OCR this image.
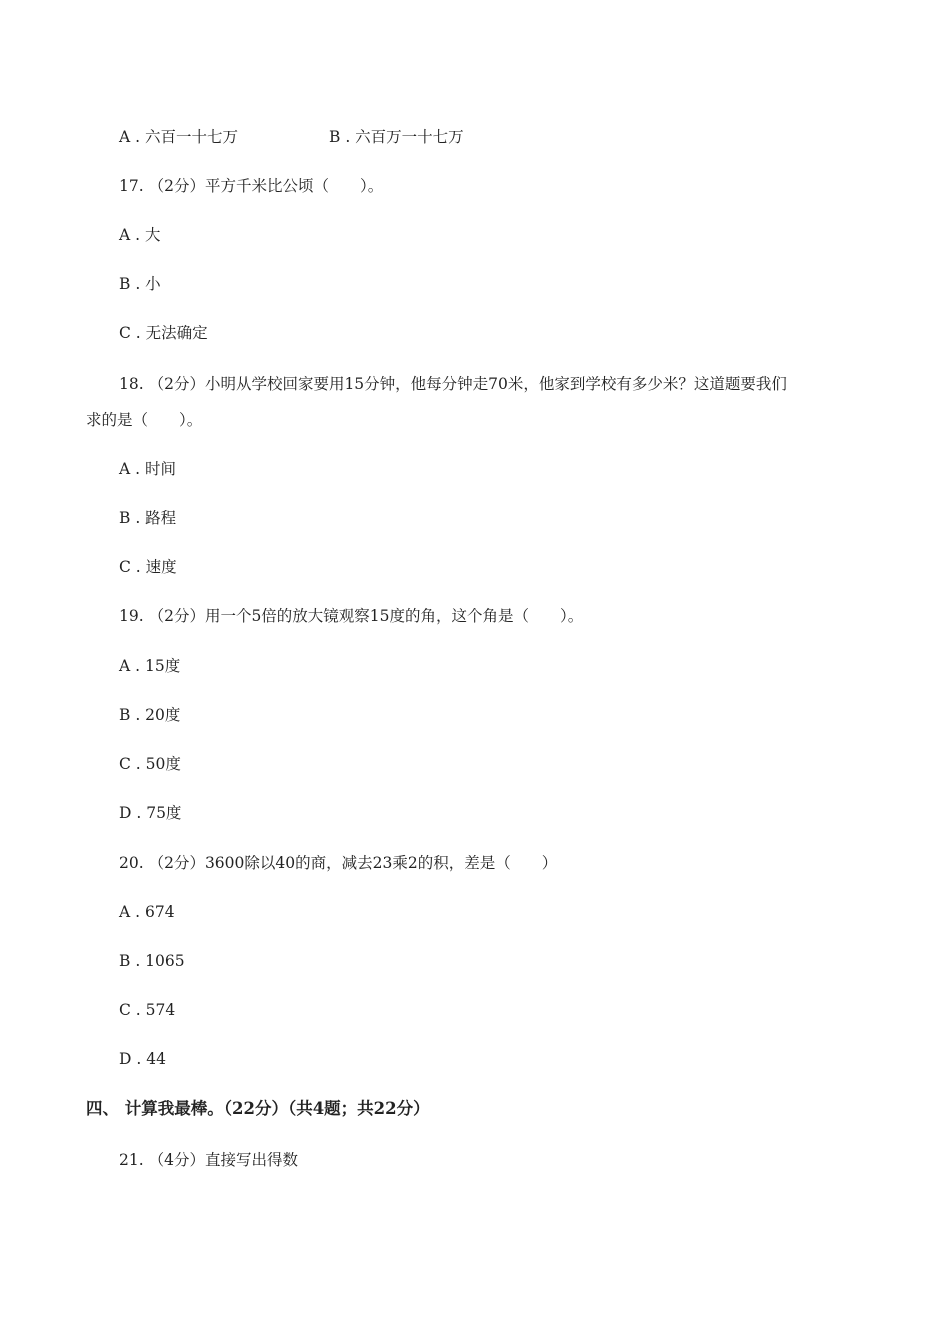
A . 六百一十七万	B . 六百万一十七万
17. （2分）平方千米比公顷（　　）。
A . 大
B . 小
C . 无法确定
18. （2分）小明从学校回家要用15分钟，他每分钟走70米，他家到学校有多少米？这道题要我们
求的是（　　）。
A . 时间
B . 路程
C . 速度
19. （2分）用一个5倍的放大镜观察15度的角，这个角是（　　）。
A . 15度
B . 20度
C . 50度
D . 75度
20. （2分）3600除以40的商，减去23乘2的积，差是（　　）
A . 674
B . 1065
C . 574
D . 44
四、 计算我最棒。（22分）（共4题；共22分）
21. （4分）直接写出得数
